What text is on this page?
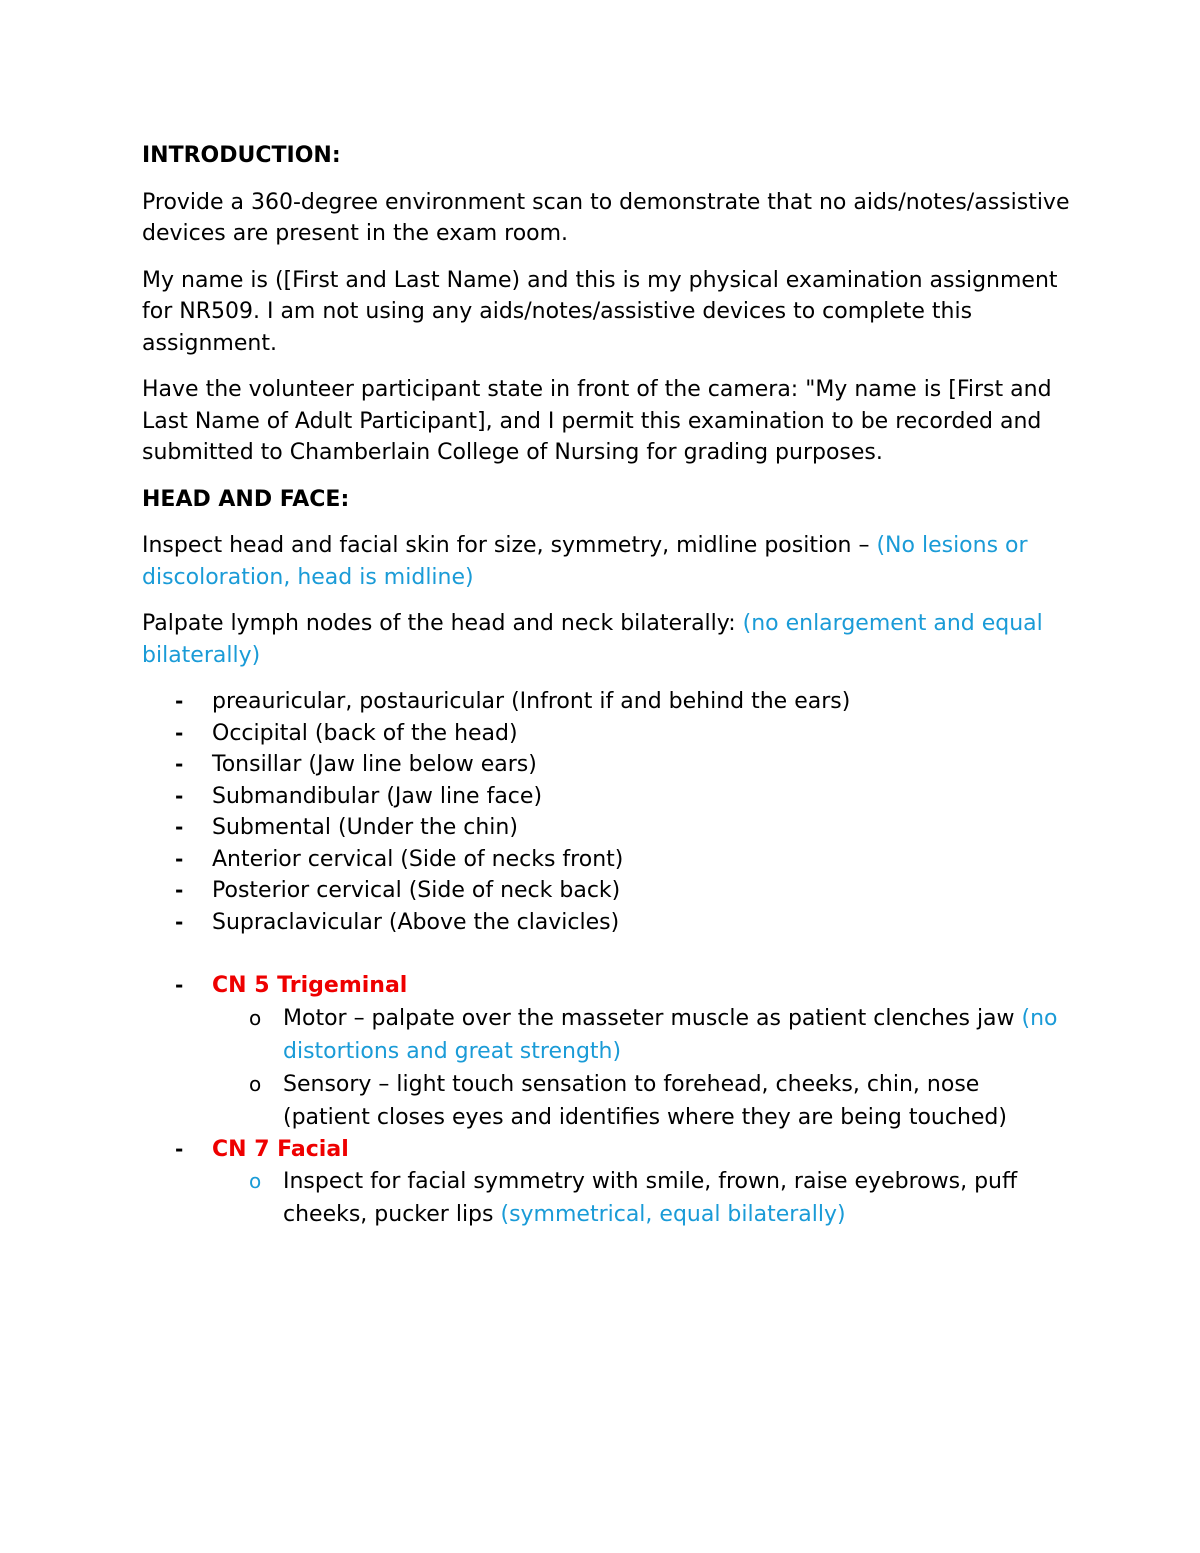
INTRODUCTION:

Provide a 360-degree environment scan to demonstrate that no aids/notes/assistive devices are present in the exam room.

My name is ([First and Last Name) and this is my physical examination assignment for NR509. I am not using any aids/notes/assistive devices to complete this assignment.

Have the volunteer participant state in front of the camera: "My name is [First and Last Name of Adult Participant], and I permit this examination to be recorded and submitted to Chamberlain College of Nursing for grading purposes.

HEAD AND FACE:

Inspect head and facial skin for size, symmetry, midline position – (No lesions or discoloration, head is midline)

Palpate lymph nodes of the head and neck bilaterally: (no enlargement and equal bilaterally)

- preauricular, postauricular (Infront if and behind the ears)
- Occipital (back of the head)
- Tonsillar (Jaw line below ears)
- Submandibular (Jaw line face)
- Submental (Under the chin)
- Anterior cervical (Side of necks front)
- Posterior cervical (Side of neck back)
- Supraclavicular (Above the clavicles)
- CN 5 Trigeminal
o Motor – palpate over the masseter muscle as patient clenches jaw (no distortions and great strength)
o Sensory – light touch sensation to forehead, cheeks, chin, nose (patient closes eyes and identifies where they are being touched)
- CN 7 Facial
o Inspect for facial symmetry with smile, frown, raise eyebrows, puff cheeks, pucker lips (symmetrical, equal bilaterally)
